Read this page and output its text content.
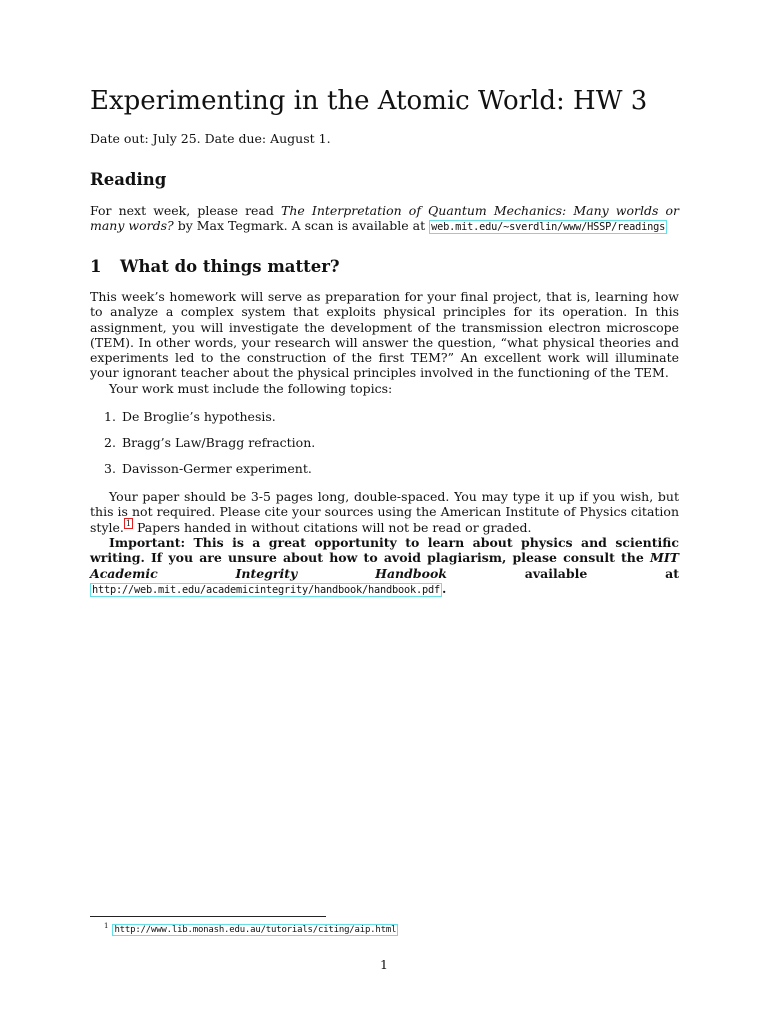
Experimenting in the Atomic World: HW 3
Date out: July 25. Date due: August 1.
Reading

For next week, please read The Interpretation of Quantum Mechanics: Many worlds or many words? by Max Tegmark. A scan is available at web.mit.edu/~sverdlin/www/HSSP/readings

1 What do things matter?

This week’s homework will serve as preparation for your final project, that is, learning how to analyze a complex system that exploits physical principles for its operation. In this assignment, you will investigate the development of the transmission electron microscope (TEM). In other words, your research will answer the question, “what physical theories and experiments led to the construction of the first TEM?” An excellent work will illuminate your ignorant teacher about the physical principles involved in the functioning of the TEM.

Your work must include the following topics:

1. De Broglie’s hypothesis.
2. Bragg’s Law/Bragg refraction.
3. Davisson-Germer experiment.

Your paper should be 3-5 pages long, double-spaced. You may type it up if you wish, but this is not required. Please cite your sources using the American Institute of Physics citation style. $^1$ Papers handed in without citations will not be read or graded.

Important: This is a great opportunity to learn about physics and scientific writing. If you are unsure about how to avoid plagiarism, please consult the MIT Academic Integrity Handbook available at http://web.mit.edu/academicintegrity/handbook/handbook.pdf .

$^1$ http://www.lib.monash.edu.au/tutorials/citing/aip.html
1
